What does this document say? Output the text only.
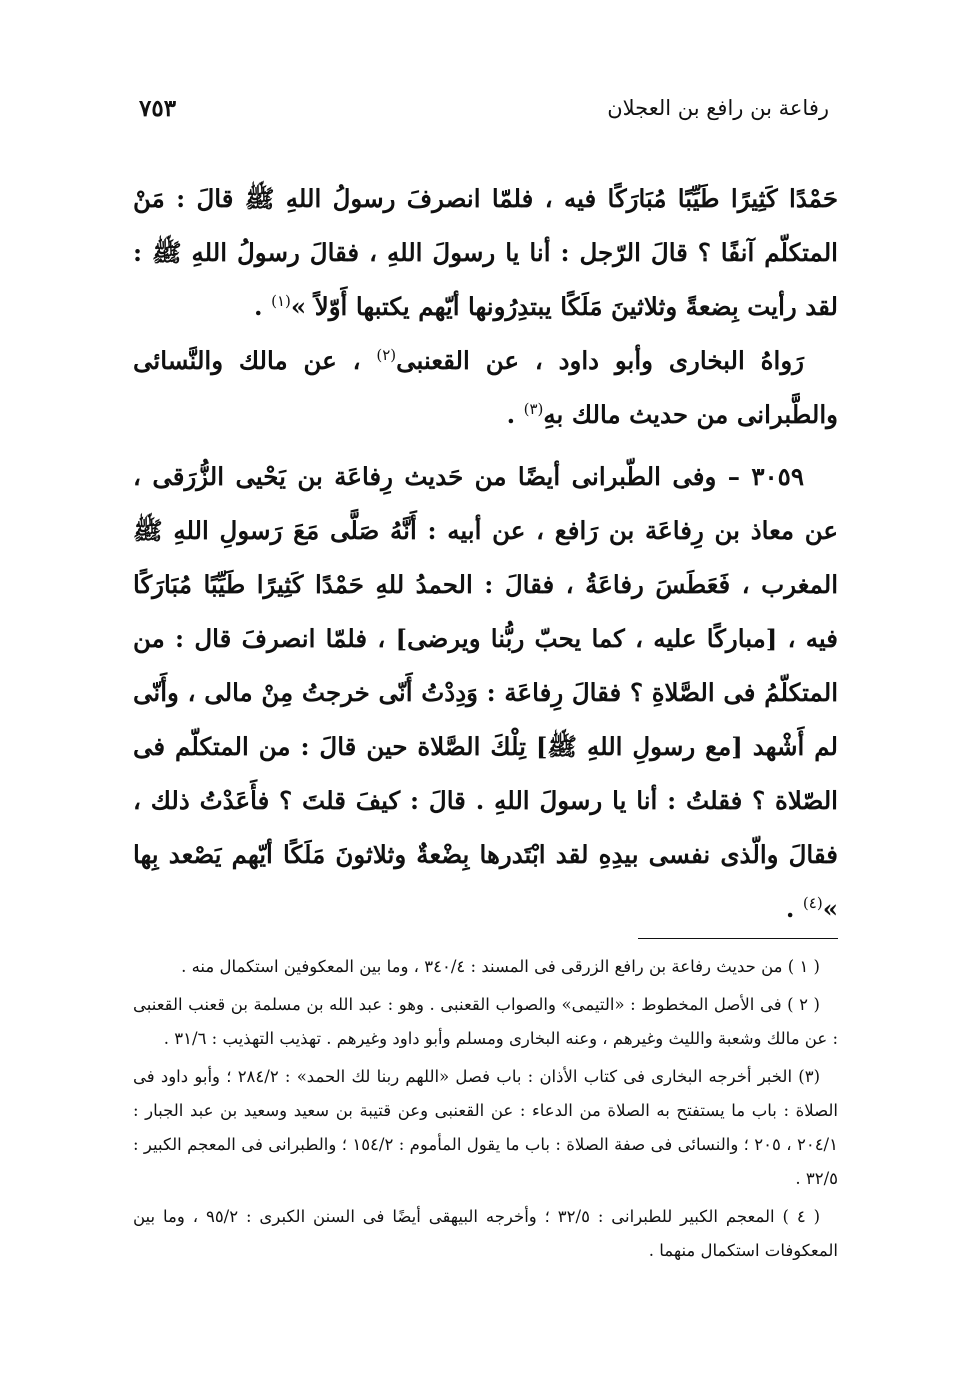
رفاعة بن رافع بن العجلان
٧٥٣

حَمْدًا كَثِيرًا طَيِّبًا مُبَارَكًا فيه ، فلمّا انصرفَ رسولُ اللهِ ﷺ قالَ : مَنْ المتكلّم آنفًا ؟ قالَ الرّجل : أنا يا رسولَ اللهِ ، فقالَ رسولُ اللهِ ﷺ : لقد رأيت بِضعةً وثلاثينَ مَلَكًا يبتدِرُونها أيّهم يكتبها أَوّلاً »$^{(١)}$ .

رَواهُ البخارى وأبو داود ، عن القعنبى$^{(٢)}$ ، عن مالك والنَّسائى والطَّبرانى من حديث مالك بهِ$^{(٣)}$ .

٣٠٥٩ – وفى الطّبرانى أيضًا من حَديث رِفاعَة بن يَحْيى الزُّرَقى ، عن معاذ بن رِفاعَة بن رَافع ، عن أبيه : أَنَّهُ صَلَّى مَعَ رَسولِ اللهِ ﷺ المغرب ، فَعَطَسَ رفاعَةُ ، فقالَ : الحمدُ للهِ حَمْدًا كَثِيرًا طَيِّبًا مُبَارَكًا فيه ، [مباركًا عليه ، كما يحبّ ربُّنا ويرضى] ، فلمّا انصرفَ قال : من المتكلّمُ فى الصَّلاةِ ؟ فقالَ رِفاعَة : وَدِدْتُ أَنّى خرجتُ مِنْ مالى ، وأَنّى لم أَشْهد [مع رسولِ اللهِ ﷺ] تِلْكَ الصَّلاة حين قالَ : من المتكلّم فى الصّلاة ؟ فقلتُ : أنا يا رسولَ اللهِ . قالَ : كيفَ قلتَ ؟ فأَعَدْتُ ذلك ، فقالَ والّذى نفسى بيدِهِ لقد ابْتَدرها بِضْعةٌ وثلاثونَ مَلَكًا أيّهم يَصْعد بِها »$^{(٤)}$ .

( ١ ) من حديث رفاعة بن رافع الزرقى فى المسند : ٣٤٠/٤ ، وما بين المعكوفين استكمال منه .

( ٢ ) فى الأصل المخطوط : «التيمى» والصواب القعنبى . وهو : عبد الله بن مسلمة بن قعنب القعنبى : عن مالك وشعبة والليث وغيرهم ، وعنه البخارى ومسلم وأبو داود وغيرهم . تهذيب التهذيب : ٣١/٦ .

(٣) الخبر أخرجه البخارى فى كتاب الأذان : باب فصل «اللهم ربنا لك الحمد» : ٢٨٤/٢ ؛ وأبو داود فى الصلاة : باب ما يستفتح به الصلاة من الدعاء : عن القعنبى وعن قتيبة بن سعيد وسعيد بن عبد الجبار : ٢٠٤/١ ، ٢٠٥ ؛ والنسائى فى صفة الصلاة : باب ما يقول المأموم : ١٥٤/٢ ؛ والطبرانى فى المعجم الكبير : ٣٢/٥ .

( ٤ ) المعجم الكبير للطبرانى : ٣٢/٥ ؛ وأخرجه البيهقى أيضًا فى السنن الكبرى : ٩٥/٢ ، وما بين المعكوفات استكمال منهما .
